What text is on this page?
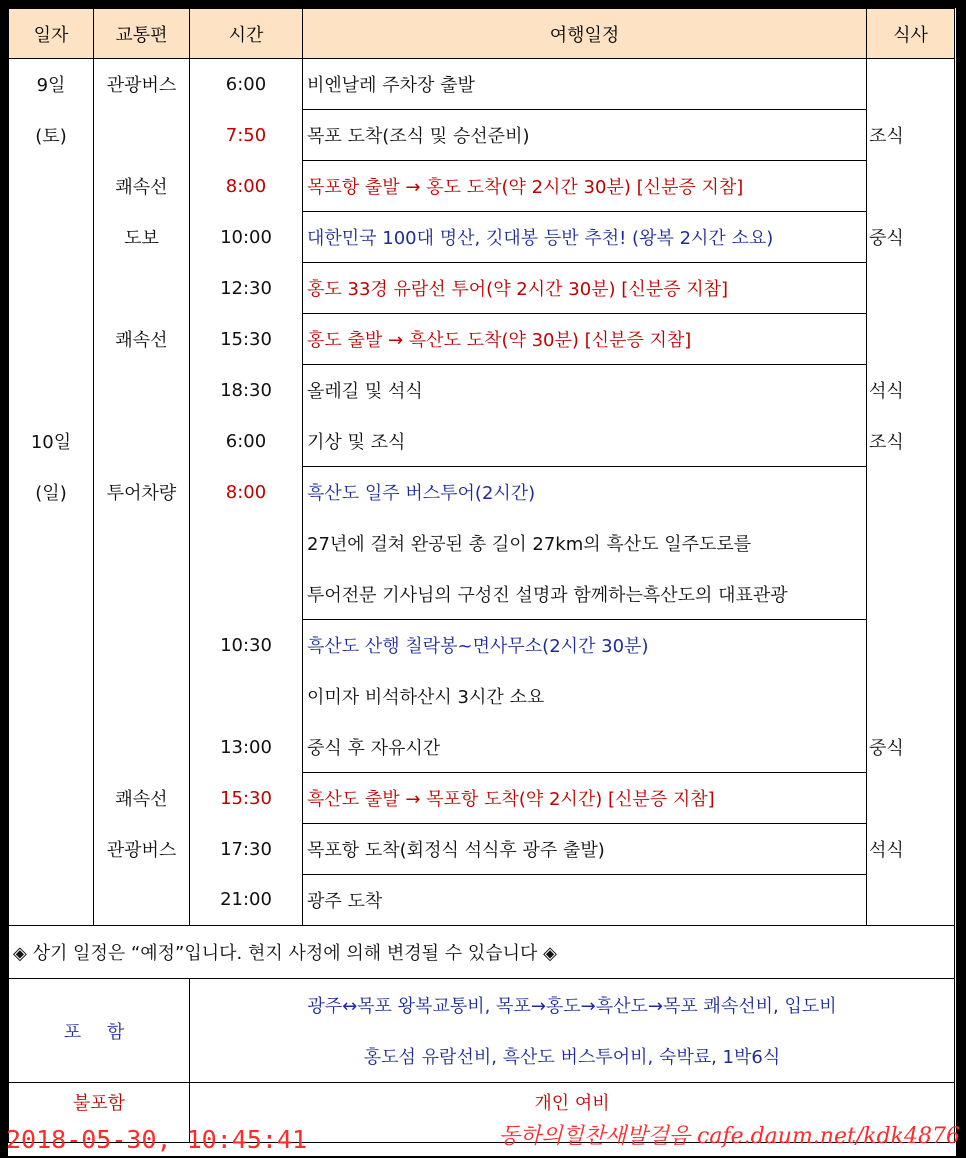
일자	교통편	시간	여행일정	식사
9일	관광버스	6:00	비엔날레 주차장 출발	
(토)		7:50	목포 도착(조식 및 승선준비)	조식
	쾌속선	8:00	목포항 출발 → 홍도 도착(약 2시간 30분) [신분증 지참]	
	도보	10:00	대한민국 100대 명산, 깃대봉 등반 추천! (왕복 2시간 소요)	중식
		12:30	홍도 33경 유람선 투어(약 2시간 30분) [신분증 지참]	
	쾌속선	15:30	홍도 출발 → 흑산도 도착(약 30분) [신분증 지참]	
		18:30	올레길 및 석식	석식
10일		6:00	기상 및 조식	조식
(일)	투어차량	8:00	흑산도 일주 버스투어(2시간)	
			27년에 걸쳐 완공된 총 길이 27km의 흑산도 일주도로를	
			투어전문 기사님의 구성진 설명과 함께하는흑산도의 대표관광	
		10:30	흑산도 산행 칠락봉~면사무소(2시간 30분)	
			이미자 비석하산시 3시간 소요	
		13:00	중식 후 자유시간	중식
	쾌속선	15:30	흑산도 출발 → 목포항 도착(약 2시간) [신분증 지참]	
	관광버스	17:30	목포항 도착(회정식 석식후 광주 출발)	석식
		21:00	광주 도착	
◈ 상기 일정은 “예정”입니다. 현지 사정에 의해 변경될 수 있습니다 ◈				
포 함		광주↔목포 왕복교통비, 목포→홍도→흑산도→목포 쾌속선비, 입도비		
		홍도섬 유람선비, 흑산도 버스투어비, 숙박료, 1박6식		
불포함		개인 여비		
2018-05-30, 10:45:41	동하의힐찬새발걸음 cafe.daum.net/kdk4876
